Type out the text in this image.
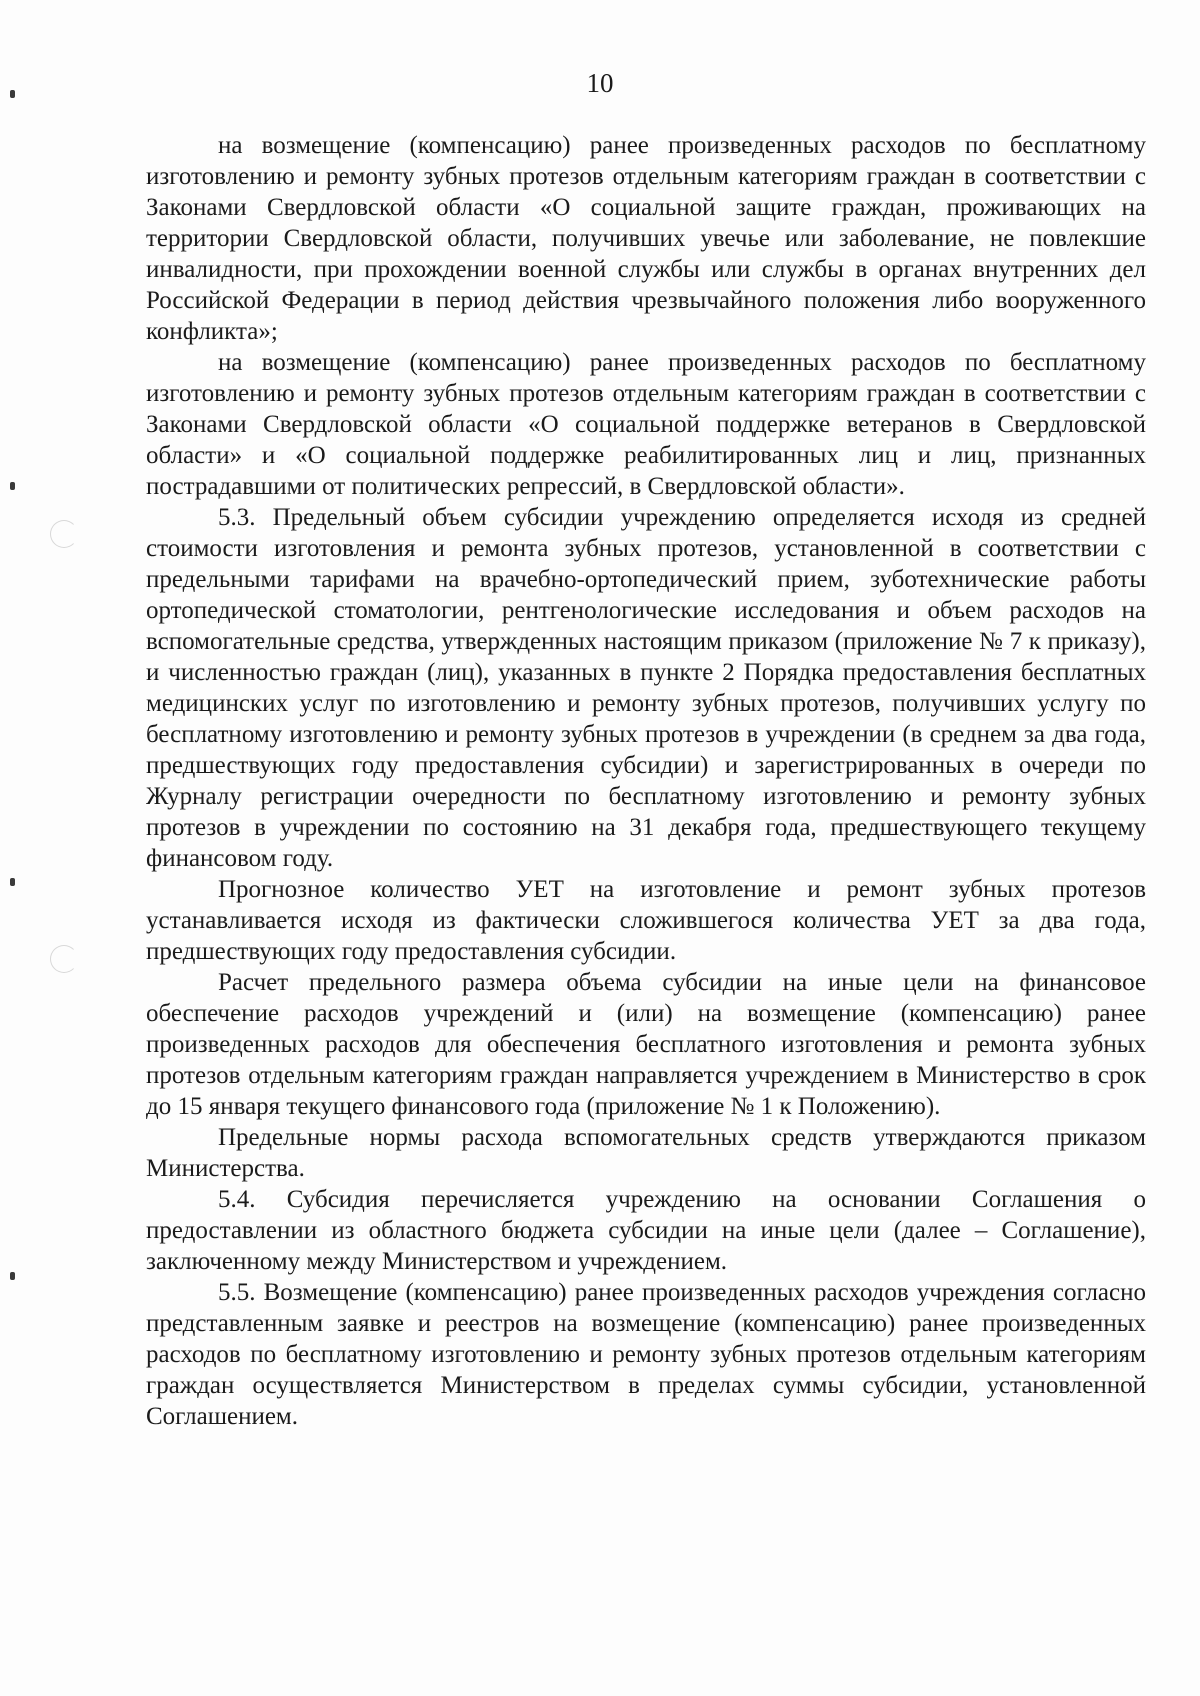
10

на возмещение (компенсацию) ранее произведенных расходов по бесплатному изготовлению и ремонту зубных протезов отдельным категориям граждан в соответствии с Законами Свердловской области «О социальной защите граждан, проживающих на территории Свердловской области, получивших увечье или заболевание, не повлекшие инвалидности, при прохождении военной службы или службы в органах внутренних дел Российской Федерации в период действия чрезвычайного положения либо вооруженного конфликта»;

на возмещение (компенсацию) ранее произведенных расходов по бесплатному изготовлению и ремонту зубных протезов отдельным категориям граждан в соответствии с Законами Свердловской области «О социальной поддержке ветеранов в Свердловской области» и «О социальной поддержке реабилитированных лиц и лиц, признанных пострадавшими от политических репрессий, в Свердловской области».

5.3. Предельный объем субсидии учреждению определяется исходя из средней стоимости изготовления и ремонта зубных протезов, установленной в соответствии с предельными тарифами на врачебно-ортопедический прием, зуботехнические работы ортопедической стоматологии, рентгенологические исследования и объем расходов на вспомогательные средства, утвержденных настоящим приказом (приложение № 7 к приказу), и численностью граждан (лиц), указанных в пункте 2 Порядка предоставления бесплатных медицинских услуг по изготовлению и ремонту зубных протезов, получивших услугу по бесплатному изготовлению и ремонту зубных протезов в учреждении (в среднем за два года, предшествующих году предоставления субсидии) и зарегистрированных в очереди по Журналу регистрации очередности по бесплатному изготовлению и ремонту зубных протезов в учреждении по состоянию на 31 декабря года, предшествующего текущему финансовом году.

Прогнозное количество УЕТ на изготовление и ремонт зубных протезов устанавливается исходя из фактически сложившегося количества УЕТ за два года, предшествующих году предоставления субсидии.

Расчет предельного размера объема субсидии на иные цели на финансовое обеспечение расходов учреждений и (или) на возмещение (компенсацию) ранее произведенных расходов для обеспечения бесплатного изготовления и ремонта зубных протезов отдельным категориям граждан направляется учреждением в Министерство в срок до 15 января текущего финансового года (приложение № 1 к Положению).

Предельные нормы расхода вспомогательных средств утверждаются приказом Министерства.

5.4. Субсидия перечисляется учреждению на основании Соглашения о предоставлении из областного бюджета субсидии на иные цели (далее – Соглашение), заключенному между Министерством и учреждением.

5.5. Возмещение (компенсацию) ранее произведенных расходов учреждения согласно представленным заявке и реестров на возмещение (компенсацию) ранее произведенных расходов по бесплатному изготовлению и ремонту зубных протезов отдельным категориям граждан осуществляется Министерством в пределах суммы субсидии, установленной Соглашением.
